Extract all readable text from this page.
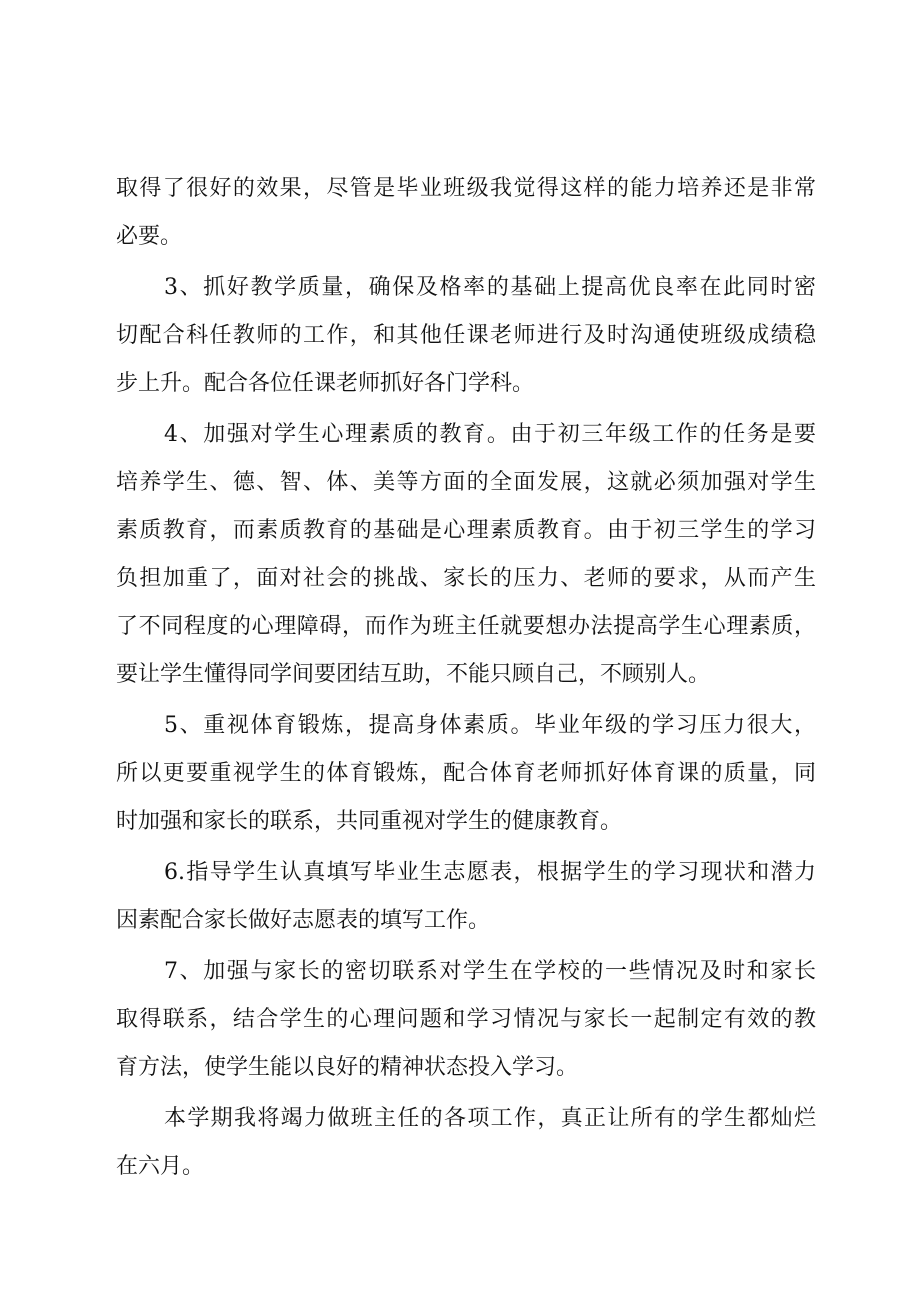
取得了很好的效果，尽管是毕业班级我觉得这样的能力培养还是非常
必要。
3、抓好教学质量，确保及格率的基础上提高优良率在此同时密
切配合科任教师的工作，和其他任课老师进行及时沟通使班级成绩稳
步上升。配合各位任课老师抓好各门学科。
4、加强对学生心理素质的教育。由于初三年级工作的任务是要
培养学生、德、智、体、美等方面的全面发展，这就必须加强对学生
素质教育，而素质教育的基础是心理素质教育。由于初三学生的学习
负担加重了，面对社会的挑战、家长的压力、老师的要求，从而产生
了不同程度的心理障碍，而作为班主任就要想办法提高学生心理素质，
要让学生懂得同学间要团结互助，不能只顾自己，不顾别人。
5、重视体育锻炼，提高身体素质。毕业年级的学习压力很大，
所以更要重视学生的体育锻炼，配合体育老师抓好体育课的质量，同
时加强和家长的联系，共同重视对学生的健康教育。
6.指导学生认真填写毕业生志愿表，根据学生的学习现状和潜力
因素配合家长做好志愿表的填写工作。
7、加强与家长的密切联系对学生在学校的一些情况及时和家长
取得联系，结合学生的心理问题和学习情况与家长一起制定有效的教
育方法，使学生能以良好的精神状态投入学习。
本学期我将竭力做班主任的各项工作，真正让所有的学生都灿烂
在六月。
